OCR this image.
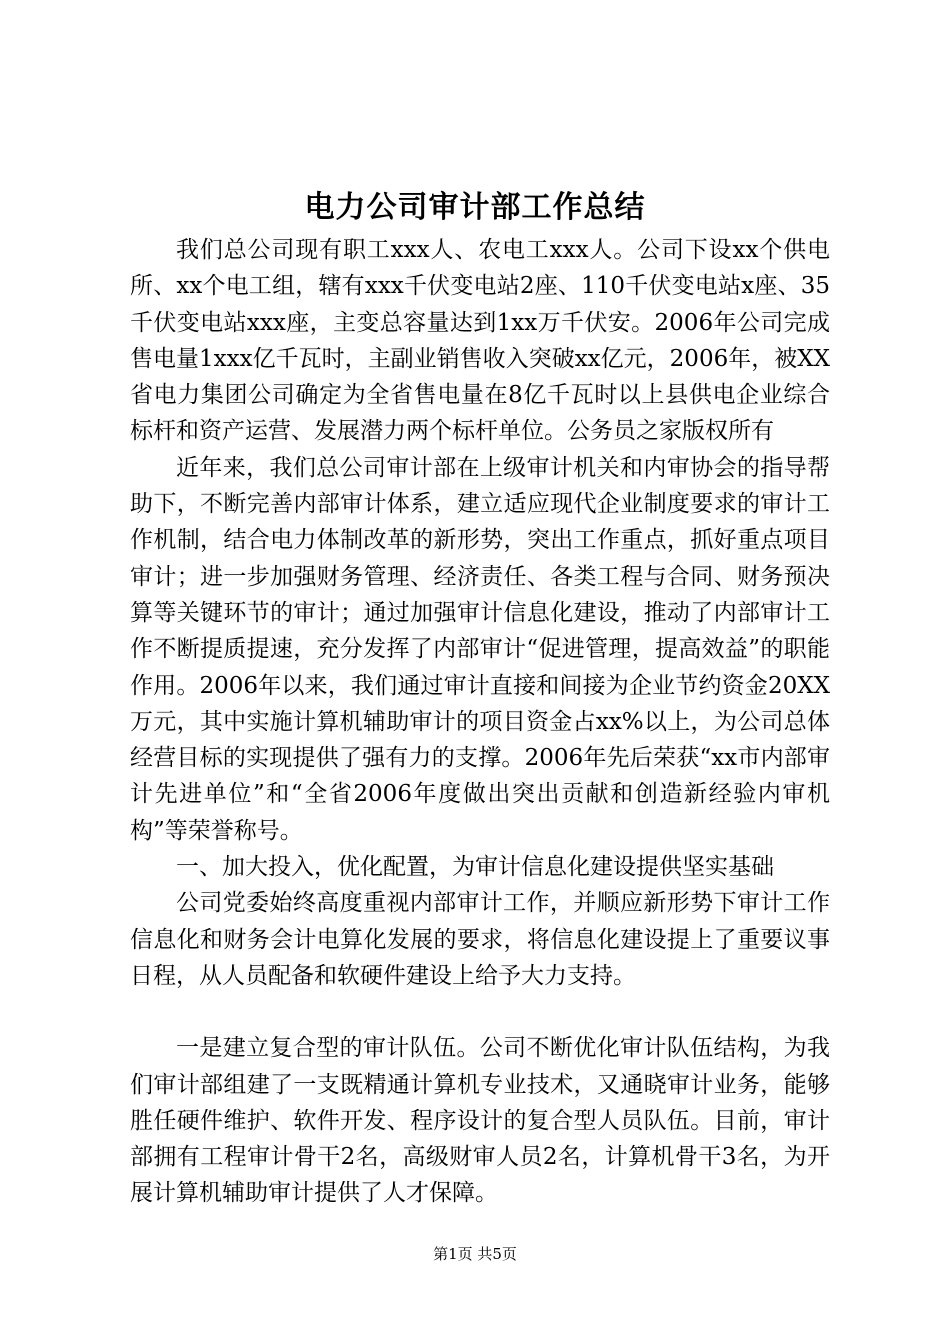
电力公司审计部工作总结

我们总公司现有职工xxx人、农电工xxx人。公司下设xx个供电所、xx个电工组，辖有xxx千伏变电站2座、110千伏变电站x座、35千伏变电站xxx座，主变总容量达到1xx万千伏安。2006年公司完成售电量1xxx亿千瓦时，主副业销售收入突破xx亿元，2006年，被XX省电力集团公司确定为全省售电量在8亿千瓦时以上县供电企业综合标杆和资产运营、发展潜力两个标杆单位。公务员之家版权所有

近年来，我们总公司审计部在上级审计机关和内审协会的指导帮助下，不断完善内部审计体系，建立适应现代企业制度要求的审计工作机制，结合电力体制改革的新形势，突出工作重点，抓好重点项目审计；进一步加强财务管理、经济责任、各类工程与合同、财务预决算等关键环节的审计；通过加强审计信息化建设，推动了内部审计工作不断提质提速，充分发挥了内部审计“促进管理，提高效益”的职能作用。2006年以来，我们通过审计直接和间接为企业节约资金20XX万元，其中实施计算机辅助审计的项目资金占xx%以上，为公司总体经营目标的实现提供了强有力的支撑。2006年先后荣获“xx市内部审计先进单位”和“全省2006年度做出突出贡献和创造新经验内审机构”等荣誉称号。

一、加大投入，优化配置，为审计信息化建设提供坚实基础

公司党委始终高度重视内部审计工作，并顺应新形势下审计工作信息化和财务会计电算化发展的要求，将信息化建设提上了重要议事日程，从人员配备和软硬件建设上给予大力支持。

一是建立复合型的审计队伍。公司不断优化审计队伍结构，为我们审计部组建了一支既精通计算机专业技术，又通晓审计业务，能够胜任硬件维护、软件开发、程序设计的复合型人员队伍。目前，审计部拥有工程审计骨干2名，高级财审人员2名，计算机骨干3名，为开展计算机辅助审计提供了人才保障。

第1页 共5页
